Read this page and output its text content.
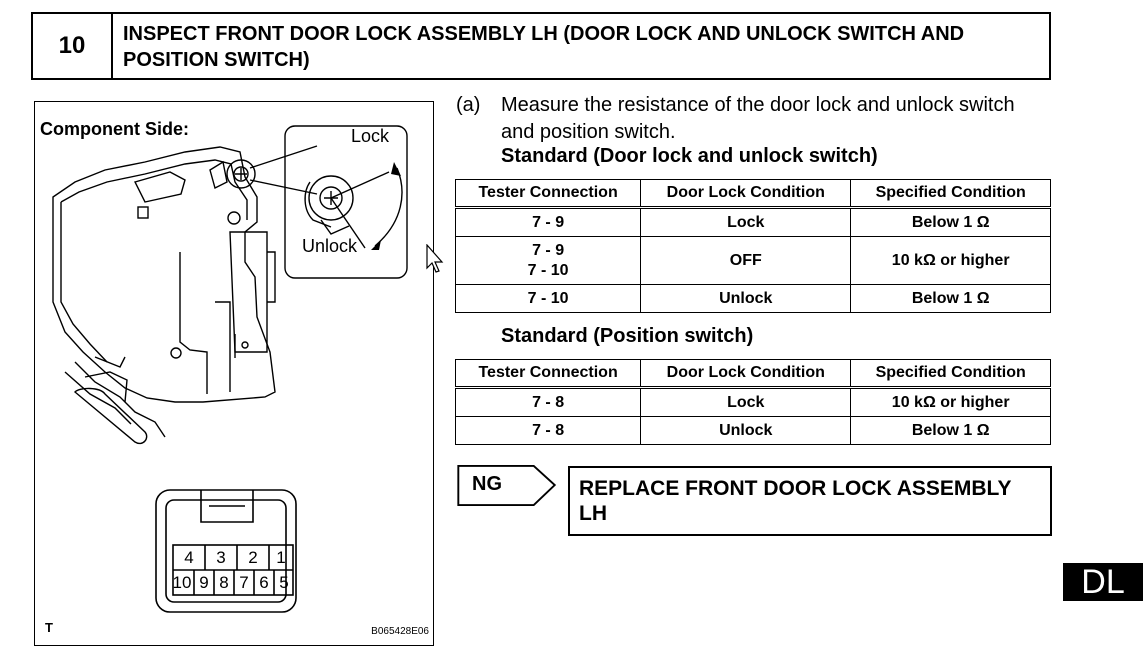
10	INSPECT FRONT DOOR LOCK ASSEMBLY LH (DOOR LOCK AND UNLOCK SWITCH AND POSITION SWITCH)
Component Side:	Lock
Unlock
4	3	2	1
10 9 8 7 6 5
T	B065428E06
(a) Measure the resistance of the door lock and unlock switch and position switch.
Standard (Door lock and unlock switch)
Tester Connection	Door Lock Condition	Specified Condition
7 - 9	Lock	Below 1 Ω

7 - 9
7 - 10	OFF	10 kΩ or higher
7 - 10	Unlock	Below 1 Ω
Standard (Position switch)
Tester Connection	Door Lock Condition	Specified Condition
7 - 8	Lock	10 kΩ or higher
7 - 8	Unlock	Below 1 Ω
NG	REPLACE FRONT DOOR LOCK ASSEMBLY LH
DL
